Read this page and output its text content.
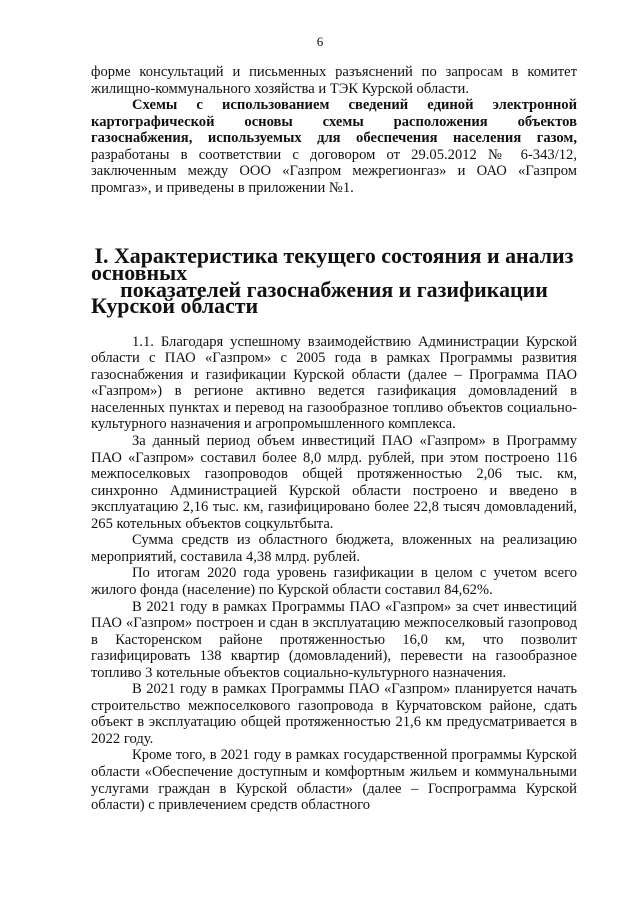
6

форме консультаций и письменных разъяснений по запросам в комитет жилищно-коммунального хозяйства и ТЭК Курской области.

Схемы с использованием сведений единой электронной картографической основы схемы расположения объектов газоснабжения, используемых для обеспечения населения газом, разработаны в соответствии с договором от 29.05.2012 № 6-343/12, заключенным между ООО «Газпром межрегионгаз» и ОАО «Газпром промгаз», и приведены в приложении №1.

I. Характеристика текущего состояния и анализ основных
показателей газоснабжения и газификации Курской области

1.1. Благодаря успешному взаимодействию Администрации Курской области с ПАО «Газпром» с 2005 года в рамках Программы развития газоснабжения и газификации Курской области (далее – Программа ПАО «Газпром») в регионе активно ведется газификация домовладений в населенных пунктах и перевод на газообразное топливо объектов социально-культурного назначения и агропромышленного комплекса.

За данный период объем инвестиций ПАО «Газпром» в Программу ПАО «Газпром» составил более 8,0 млрд. рублей, при этом построено 116 межпоселковых газопроводов общей протяженностью 2,06 тыс. км, синхронно Администрацией Курской области построено и введено в эксплуатацию 2,16 тыс. км, газифицировано более 22,8 тысяч домовладений, 265 котельных объектов соцкультбыта.

Сумма средств из областного бюджета, вложенных на реализацию мероприятий, составила 4,38 млрд. рублей.

По итогам 2020 года уровень газификации в целом с учетом всего жилого фонда (население) по Курской области составил 84,62%.

В 2021 году в рамках Программы ПАО «Газпром» за счет инвестиций ПАО «Газпром» построен и сдан в эксплуатацию межпоселковый газопровод в Касторенском районе протяженностью 16,0 км, что позволит газифицировать 138 квартир (домовладений), перевести на газообразное топливо 3 котельные объектов социально-культурного назначения.

В 2021 году в рамках Программы ПАО «Газпром» планируется начать строительство межпоселкового газопровода в Курчатовском районе, сдать объект в эксплуатацию общей протяженностью 21,6 км предусматривается в 2022 году.

Кроме того, в 2021 году в рамках государственной программы Курской области «Обеспечение доступным и комфортным жильем и коммунальными услугами граждан в Курской области» (далее – Госпрограмма Курской области) с привлечением средств областного
